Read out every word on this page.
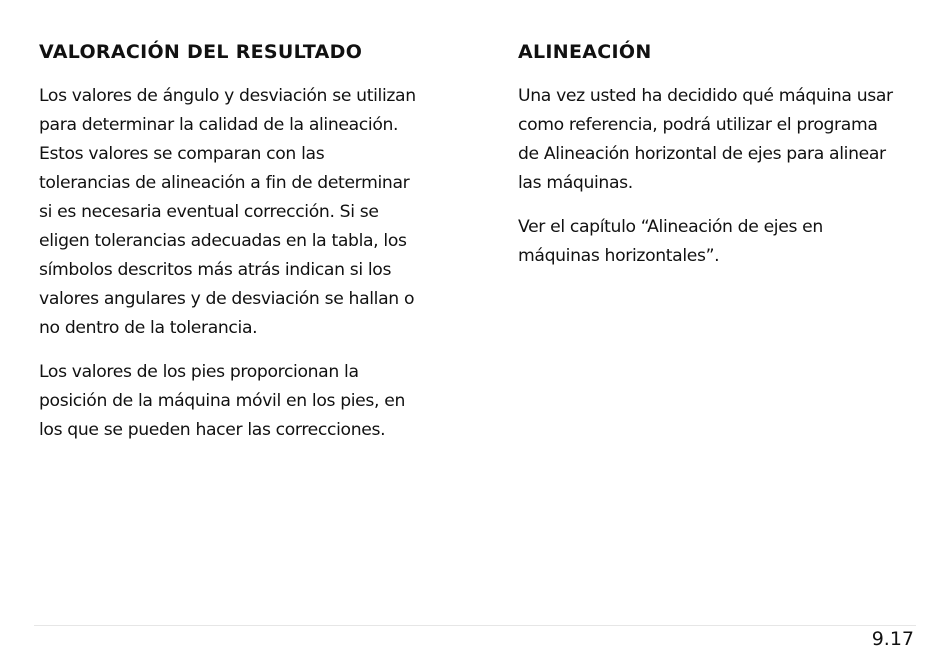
VALORACIÓN DEL RESULTADO

Los valores de ángulo y desviación se utilizan
para determinar la calidad de la alineación.
Estos valores se comparan con las
tolerancias de alineación a fin de determinar
si es necesaria eventual corrección. Si se
eligen tolerancias adecuadas en la tabla, los
símbolos descritos más atrás indican si los
valores angulares y de desviación se hallan o
no dentro de la tolerancia.

Los valores de los pies proporcionan la
posición de la máquina móvil en los pies, en
los que se pueden hacer las correcciones.

ALINEACIÓN

Una vez usted ha decidido qué máquina usar
como referencia, podrá utilizar el programa
de Alineación horizontal de ejes para alinear
las máquinas.

Ver el capítulo “Alineación de ejes en
máquinas horizontales”.

9.17
